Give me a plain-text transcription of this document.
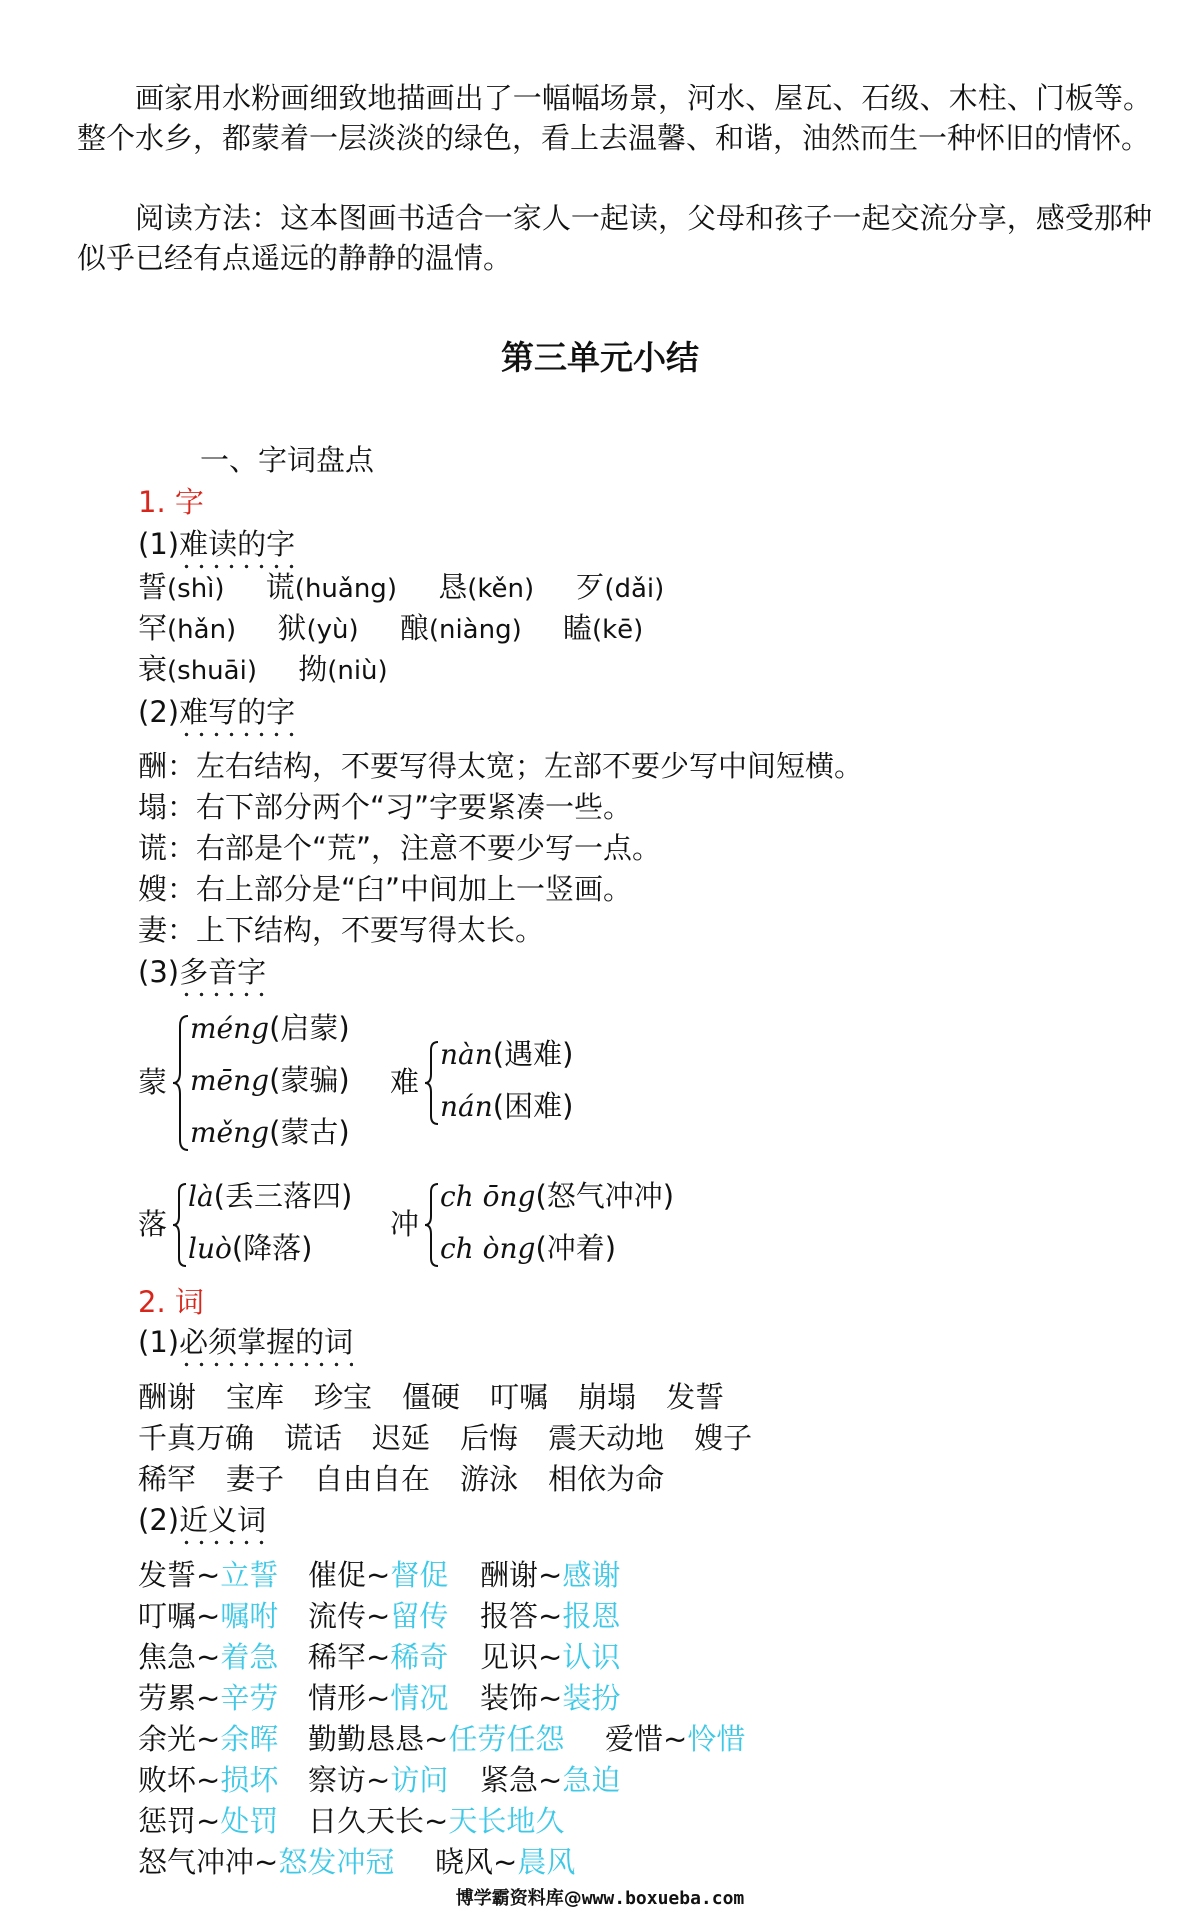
画家用水粉画细致地描画出了一幅幅场景，河水、屋瓦、石级、木柱、门板等。整个水乡，都蒙着一层淡淡的绿色，看上去温馨、和谐，油然而生一种怀旧的情怀。

阅读方法：这本图画书适合一家人一起读，父母和孩子一起交流分享，感受那种似乎已经有点遥远的静静的温情。

第三单元小结
一、字词盘点
1. 字
(1)难读的字
誓(shì) 谎(huǎng) 恳(kěn) 歹(dǎi)
罕(hǎn) 狱(yù) 酿(niàng) 瞌(kē)
衰(shuāi) 拗(niù)
(2)难写的字
酬：左右结构，不要写得太宽；左部不要少写中间短横。
塌：右下部分两个“习”字要紧凑一些。
谎：右部是个“荒”，注意不要少写一点。
嫂：右上部分是“臼”中间加上一竖画。
妻：上下结构，不要写得太长。
(3)多音字
蒙
méng(启蒙)
mēng(蒙骗)
měng(蒙古)
难
nàn(遇难)
nán(困难)
落
là(丢三落四)
luò(降落)
冲
ch ōng(怒气冲冲)
ch òng(冲着)
2. 词
(1)必须掌握的词
酬谢 宝库 珍宝 僵硬 叮嘱 崩塌 发誓
千真万确 谎话 迟延 后悔 震天动地 嫂子
稀罕 妻子 自由自在 游泳 相依为命
(2)近义词
发誓~立誓 催促~督促 酬谢~感谢
叮嘱~嘱咐 流传~留传 报答~报恩
焦急~着急 稀罕~稀奇 见识~认识
劳累~辛劳 情形~情况 装饰~装扮
余光~余晖 勤勤恳恳~任劳任怨 爱惜~怜惜
败坏~损坏 察访~访问 紧急~急迫
惩罚~处罚 日久天长~天长地久
怒气冲冲~怒发冲冠 晓风~晨风
博学霸资料库@www.boxueba.com
